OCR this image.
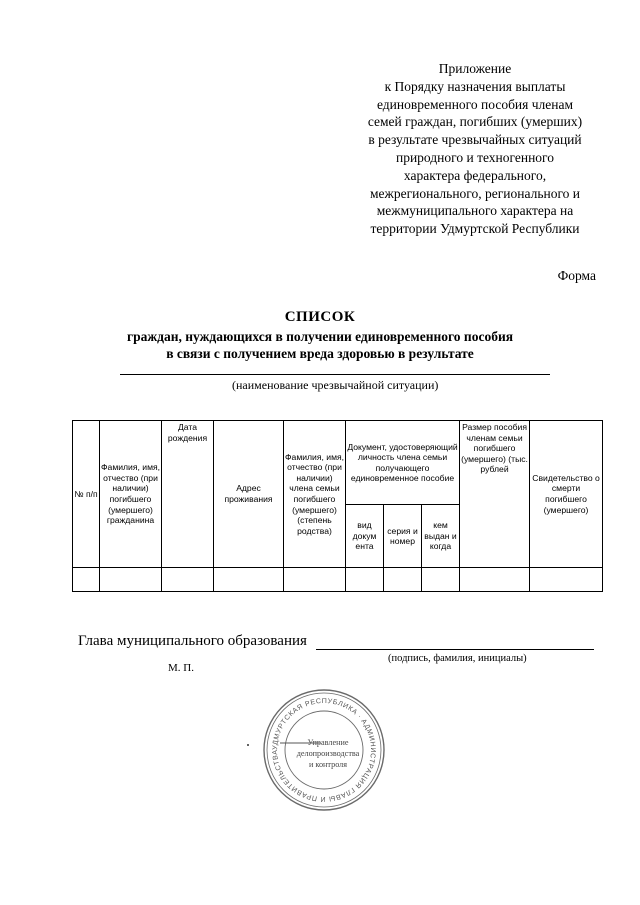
Приложение
к Порядку назначения выплаты
единовременного пособия членам
семей граждан, погибших (умерших)
в результате чрезвычайных ситуаций
природного и техногенного
характера федерального,
межрегионального, регионального и
межмуниципального характера на
территории Удмуртской Республики
Форма
СПИСОК
граждан, нуждающихся в получении единовременного пособия
в связи с получением вреда здоровью в результате
(наименование чрезвычайной ситуации)
№ п/п	Фамилия, имя, отчество (при наличии) погибшего (умершего) гражданина	Дата рождения	Адрес проживания	Фамилия, имя, отчество (при наличии) члена семьи погибшего (умершего) (степень родства)	Документ, удостоверяющий личность члена семьи получающего единовременное пособие			Размер пособия членам семьи погибшего (умершего) (тыс. рублей	Свидетельство о смерти погибшего (умершего)
					вид докум ента	серия и номер	кем выдан и когда		

Глава муниципального образования
(подпись, фамилия, инициалы)
М. П.
УДМУРТСКАЯ РЕСПУБЛИКА · АДМИНИСТРАЦИЯ ГЛАВЫ И ПРАВИТЕЛЬСТВА
Управление
делопроизводства
и контроля
